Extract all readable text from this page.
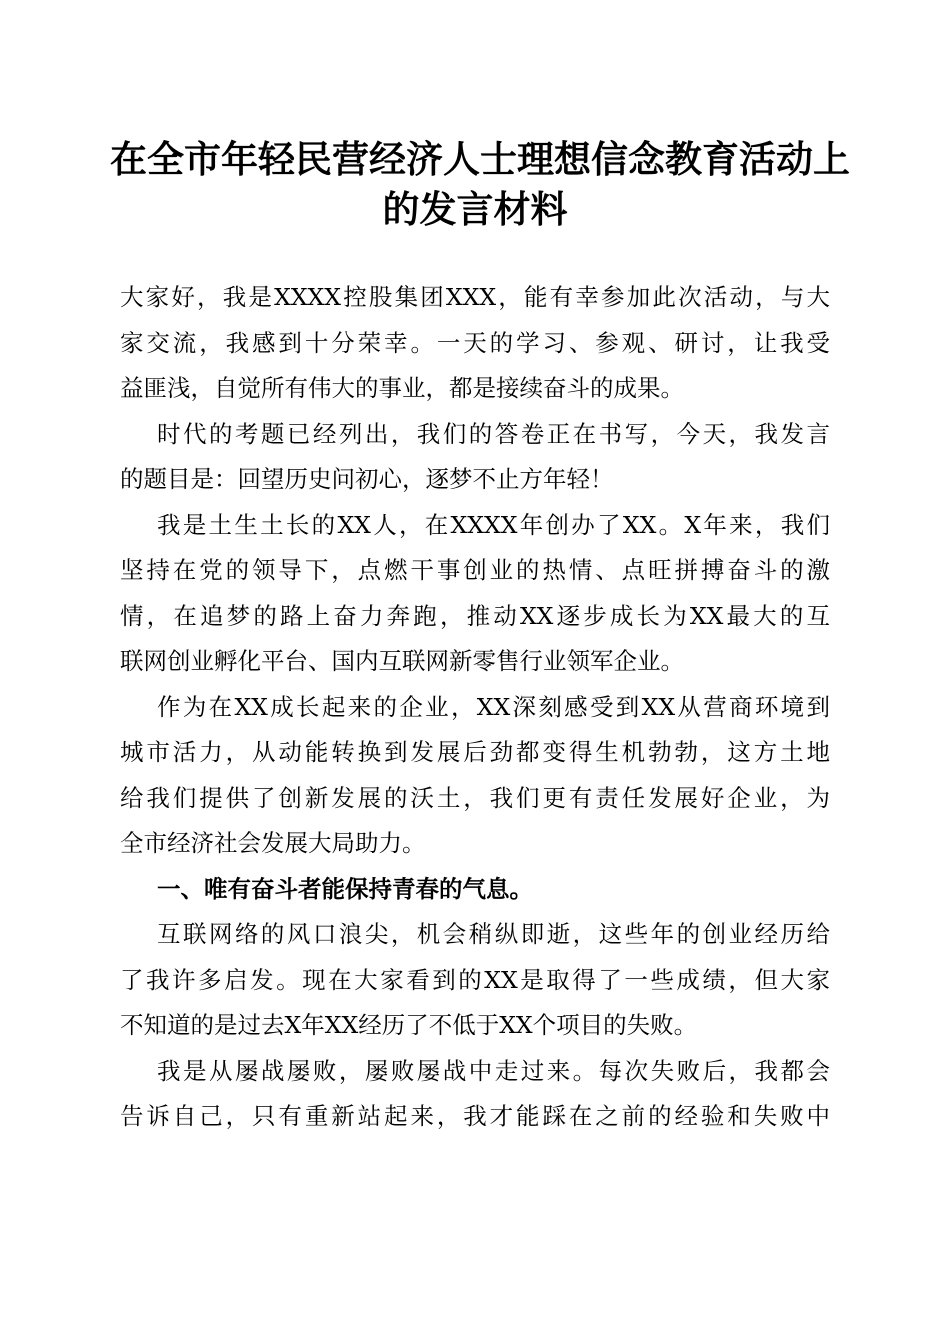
在全市年轻民营经济人士理想信念教育活动上
的发言材料

大家好，我是XXXX控股集团XXX，能有幸参加此次活动，与大
家交流，我感到十分荣幸。一天的学习、参观、研讨，让我受
益匪浅，自觉所有伟大的事业，都是接续奋斗的成果。

时代的考题已经列出，我们的答卷正在书写，今天，我发言
的题目是：回望历史问初心，逐梦不止方年轻！

我是土生土长的XX人，在XXXX年创办了XX。X年来，我们
坚持在党的领导下，点燃干事创业的热情、点旺拼搏奋斗的激
情，在追梦的路上奋力奔跑，推动XX逐步成长为XX最大的互
联网创业孵化平台、国内互联网新零售行业领军企业。

作为在XX成长起来的企业，XX深刻感受到XX从营商环境到
城市活力，从动能转换到发展后劲都变得生机勃勃，这方土地
给我们提供了创新发展的沃土，我们更有责任发展好企业，为
全市经济社会发展大局助力。

一、唯有奋斗者能保持青春的气息。

互联网络的风口浪尖，机会稍纵即逝，这些年的创业经历给
了我许多启发。现在大家看到的XX是取得了一些成绩，但大家
不知道的是过去X年XX经历了不低于XX个项目的失败。

我是从屡战屡败，屡败屡战中走过来。每次失败后，我都会
告诉自己，只有重新站起来，我才能踩在之前的经验和失败中
